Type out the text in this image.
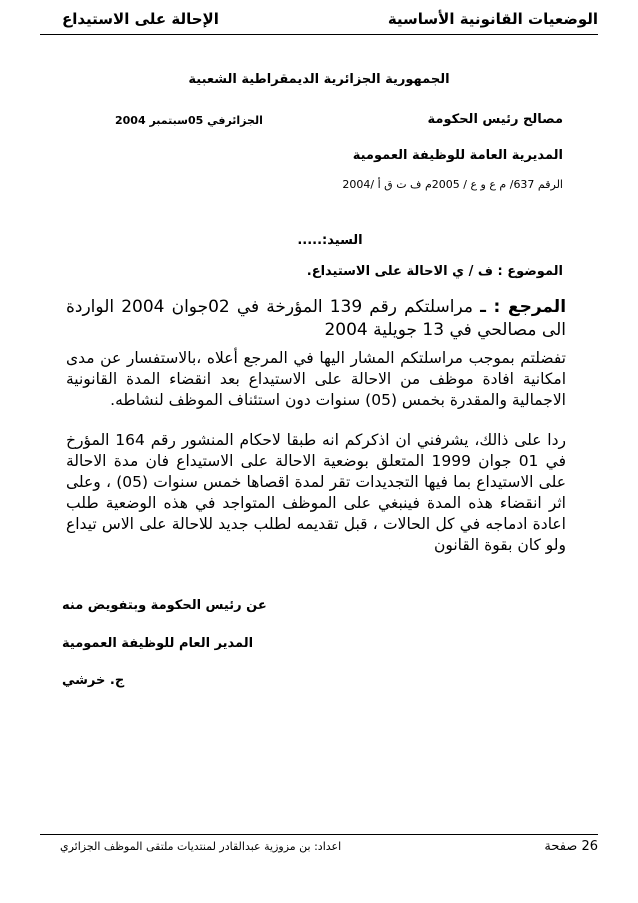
الوضعيات القانونية الأساسية
الإحالة على الاستيداع
الجمهورية الجزائرية الديمقراطية الشعبية
مصالح رئيس الحكومة
الجزائرفي 05سبتمبر 2004
المديرية العامة للوظيفة العمومية
الرقم 637/ م ع و ع / 2005م ف ت ق أ /2004
السيد:.....
الموضوع : ف / ي الاحالة على الاستيداع.
المرجع : ـ مراسلتكم رقم 139 المؤرخة في 02جوان 2004 الواردة الى مصالحي في 13 جويلية 2004
تفضلتم بموجب مراسلتكم المشار اليها في المرجع أعلاه ،بالاستفسار عن مدى امكانية افادة موظف من الاحالة على الاستيداع بعد انقضاء المدة القانونية الاجمالية والمقدرة بخمس (05) سنوات دون استئناف الموظف لنشاطه.
ردا على ذالك، يشرفني ان اذكركم انه طبقا لاحكام المنشور رقم 164 المؤرخ في 01 جوان 1999 المتعلق بوضعية الاحالة على الاستيداع فان مدة الاحالة على الاستيداع بما فيها التجديدات تقر لمدة اقصاها خمس سنوات (05) ، وعلى اثر انقضاء هذه المدة فينبغي على الموظف المتواجد في هذه الوضعية طلب اعادة ادماجه في كل الحالات ، قبل تقديمه لطلب جديد للاحالة على الاس تيداع ولو كان بقوة القانون
عن رئيس الحكومة وبتفويض منه
المدير العام للوظيفة العمومية
ج. خرشي
26 صفحة
اعداد: بن مزوزية عبدالقادر لمنتديات ملتقى الموظف الجزائري
